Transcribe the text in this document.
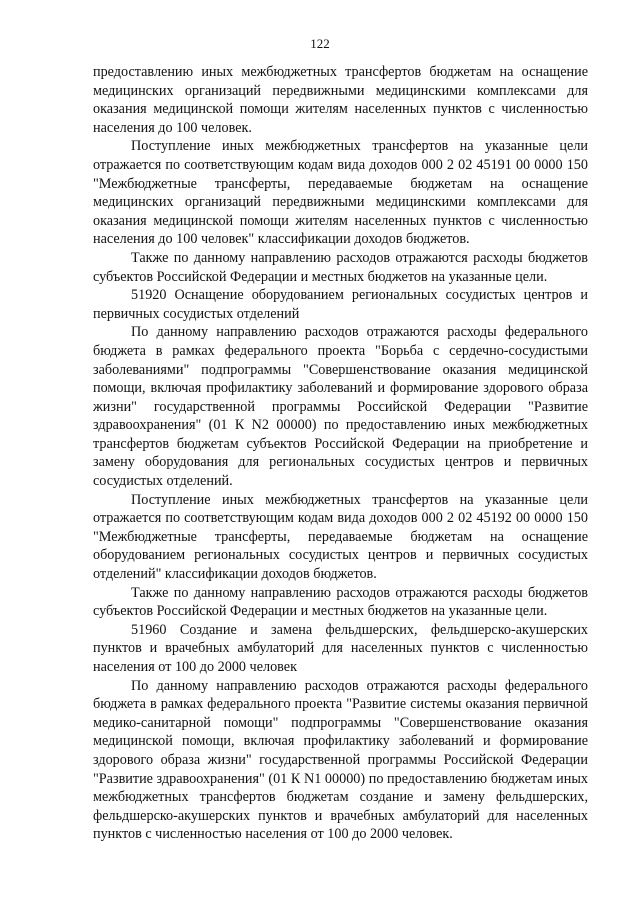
122

предоставлению иных межбюджетных трансфертов бюджетам на оснащение медицинских организаций передвижными медицинскими комплексами для оказания медицинской помощи жителям населенных пунктов с численностью населения до 100 человек.

Поступление иных межбюджетных трансфертов на указанные цели отражается по соответствующим кодам вида доходов 000 2 02 45191 00 0000 150 "Межбюджетные трансферты, передаваемые бюджетам на оснащение медицинских организаций передвижными медицинскими комплексами для оказания медицинской помощи жителям населенных пунктов с численностью населения до 100 человек" классификации доходов бюджетов.

Также по данному направлению расходов отражаются расходы бюджетов субъектов Российской Федерации и местных бюджетов на указанные цели.

51920 Оснащение оборудованием региональных сосудистых центров и первичных сосудистых отделений

По данному направлению расходов отражаются расходы федерального бюджета в рамках федерального проекта "Борьба с сердечно-сосудистыми заболеваниями" подпрограммы "Совершенствование оказания медицинской помощи, включая профилактику заболеваний и формирование здорового образа жизни" государственной программы Российской Федерации "Развитие здравоохранения" (01 К N2 00000) по предоставлению иных межбюджетных трансфертов бюджетам субъектов Российской Федерации на приобретение и замену оборудования для региональных сосудистых центров и первичных сосудистых отделений.

Поступление иных межбюджетных трансфертов на указанные цели отражается по соответствующим кодам вида доходов 000 2 02 45192 00 0000 150 "Межбюджетные трансферты, передаваемые бюджетам на оснащение оборудованием региональных сосудистых центров и первичных сосудистых отделений" классификации доходов бюджетов.

Также по данному направлению расходов отражаются расходы бюджетов субъектов Российской Федерации и местных бюджетов на указанные цели.

51960 Создание и замена фельдшерских, фельдшерско-акушерских пунктов и врачебных амбулаторий для населенных пунктов с численностью населения от 100 до 2000 человек

По данному направлению расходов отражаются расходы федерального бюджета в рамках федерального проекта "Развитие системы оказания первичной медико-санитарной помощи" подпрограммы "Совершенствование оказания медицинской помощи, включая профилактику заболеваний и формирование здорового образа жизни" государственной программы Российской Федерации "Развитие здравоохранения" (01 К N1 00000) по предоставлению бюджетам иных межбюджетных трансфертов бюджетам создание и замену фельдшерских, фельдшерско-акушерских пунктов и врачебных амбулаторий для населенных пунктов с численностью населения от 100 до 2000 человек.
